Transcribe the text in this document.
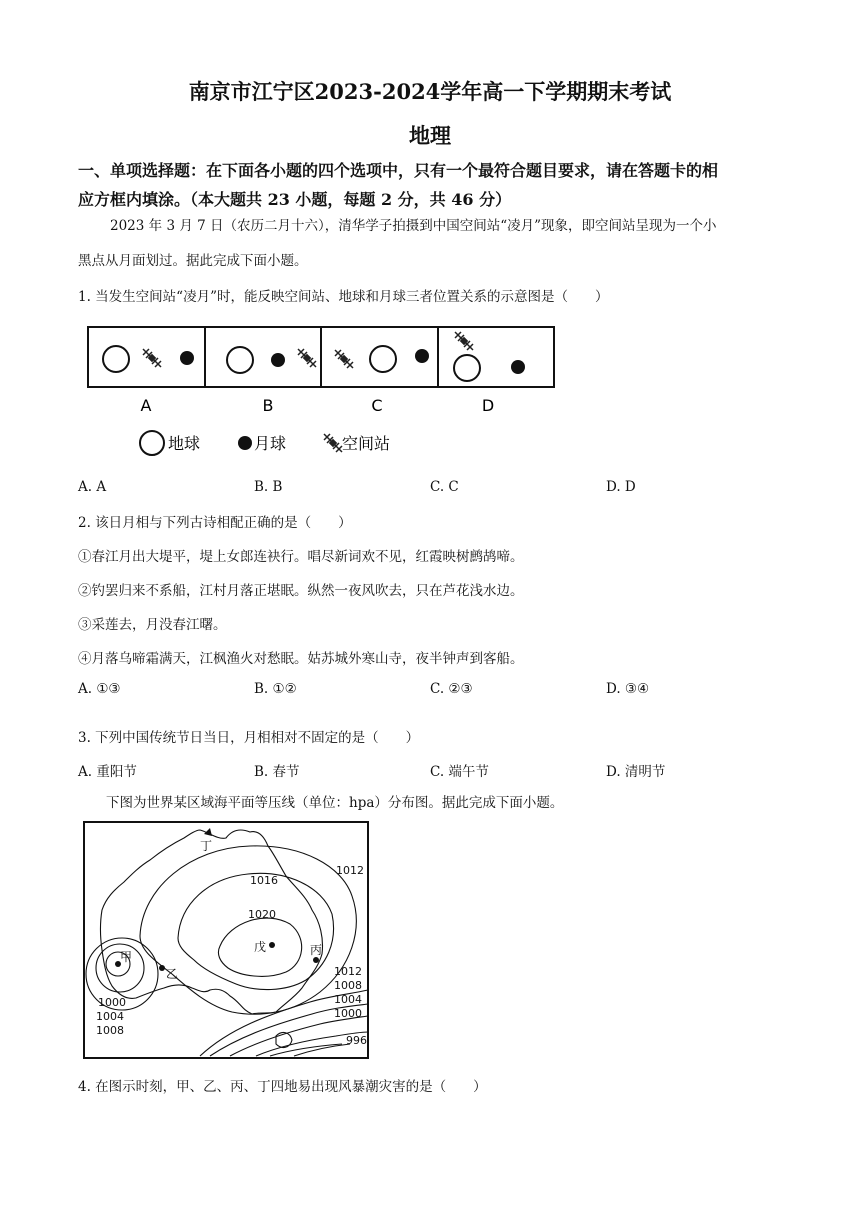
南京市江宁区2023-2024学年高一下学期期末考试
地理
一、单项选择题：在下面各小题的四个选项中，只有一个最符合题目要求，请在答题卡的相
应方框内填涂。（本大题共 23 小题，每题 2 分，共 46 分）
2023 年 3 月 7 日（农历二月十六），清华学子拍摄到中国空间站“凌月”现象，即空间站呈现为一个小
黑点从月面划过。据此完成下面小题。
1. 当发生空间站“凌月”时，能反映空间站、地球和月球三者位置关系的示意图是（　　）
A	B	C	D
地球	月球	空间站
A. A	B. B	C. C	D. D
2. 该日月相与下列古诗相配正确的是（　　）
①春江月出大堤平，堤上女郎连袂行。唱尽新词欢不见，红霞映树鹧鸪啼。
②钓罢归来不系船，江村月落正堪眠。纵然一夜风吹去，只在芦花浅水边。
③采莲去，月没春江曙。
④月落乌啼霜满天，江枫渔火对愁眠。姑苏城外寒山寺，夜半钟声到客船。
A. ①③	B. ①②	C. ②③	D. ③④
3. 下列中国传统节日当日，月相相对不固定的是（　　）
A. 重阳节	B. 春节	C. 端午节	D. 清明节
下图为世界某区域海平面等压线（单位：hpa）分布图。据此完成下面小题。
1012
1016
1020
1012
1008
1004
1000
996
1000
1004
1008
丁
戊
甲
乙
丙
4. 在图示时刻，甲、乙、丙、丁四地易出现风暴潮灾害的是（　　）
